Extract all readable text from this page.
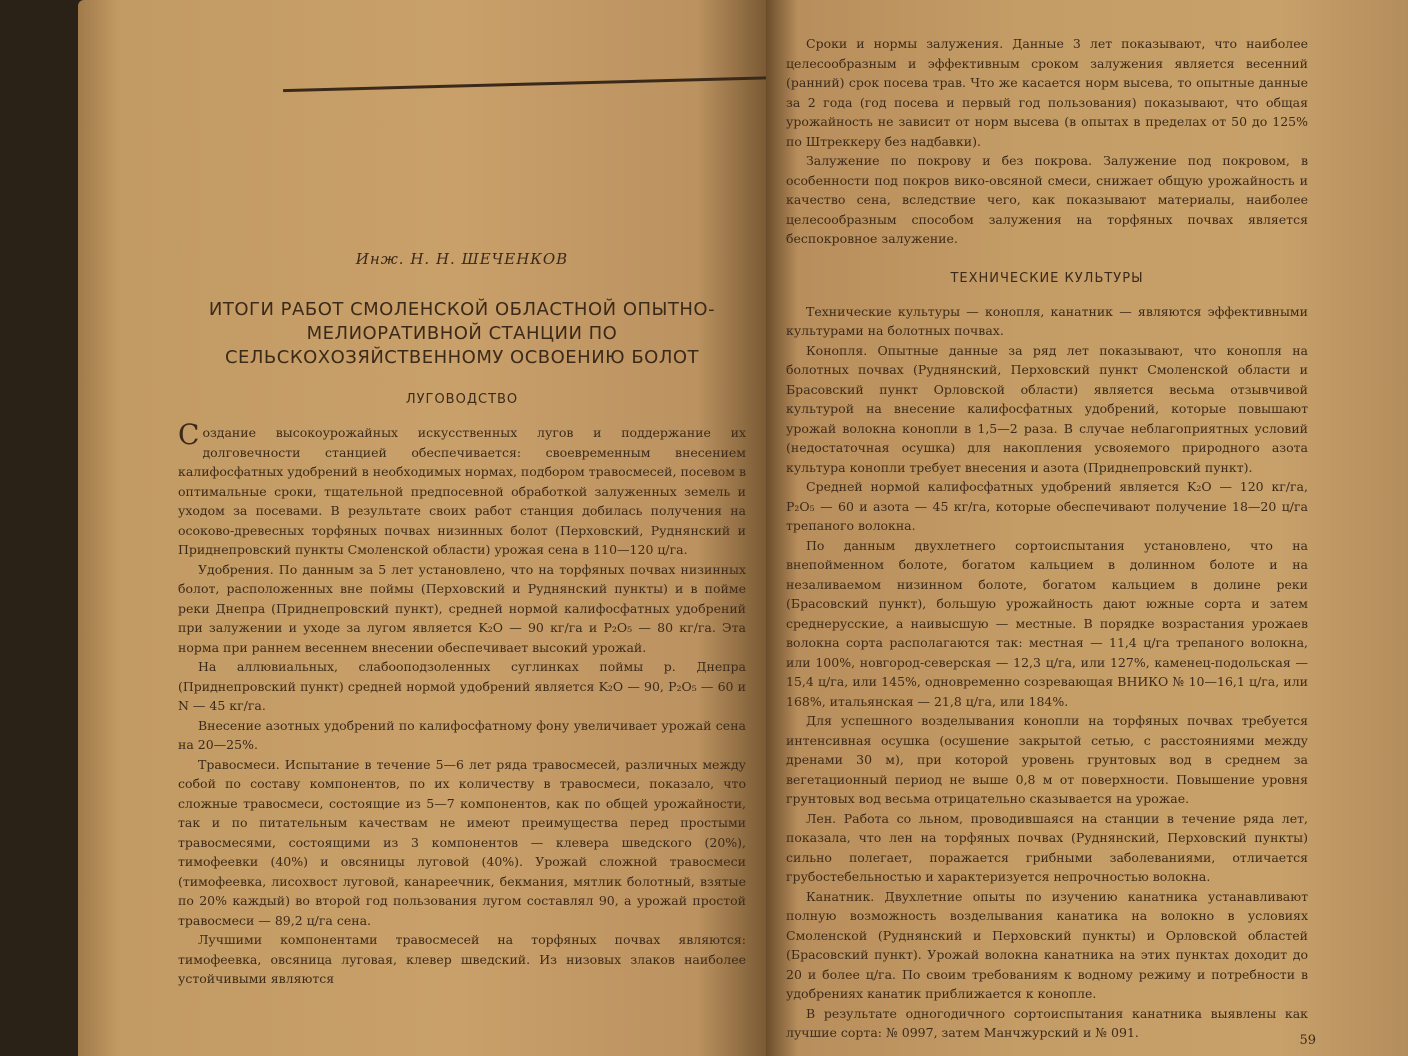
Инж. Н. Н. ШЕЧЕНКОВ
ИТОГИ РАБОТ СМОЛЕНСКОЙ ОБЛАСТНОЙ ОПЫТНО-МЕЛИОРАТИВНОЙ СТАНЦИИ ПО СЕЛЬСКОХОЗЯЙСТВЕННОМУ ОСВОЕНИЮ БОЛОТ
ЛУГОВОДСТВО

Создание высокоурожайных искусственных лугов и поддержание их долговечности станцией обеспечивается: своевременным внесением калифосфатных удобрений в необходимых нормах, подбором травосмесей, посевом в оптимальные сроки, тщательной предпосевной обработкой залуженных земель и уходом за посевами. В результате своих работ станция добилась получения на осоково-древесных торфяных почвах низинных болот (Перховский, Руднянский и Приднепровский пункты Смоленской области) урожая сена в 110—120 ц/га.

Удобрения. По данным за 5 лет установлено, что на торфяных почвах низинных болот, расположенных вне поймы (Перховский и Руднянский пункты) и в пойме реки Днепра (Приднепровский пункт), средней нормой калифосфатных удобрений при залужении и уходе за лугом является K₂O — 90 кг/га и P₂O₅ — 80 кг/га. Эта норма при раннем весеннем внесении обеспечивает высокий урожай.

На аллювиальных, слабооподзоленных суглинках поймы р. Днепра (Приднепровский пункт) средней нормой удобрений является K₂O — 90, P₂O₅ — 60 и N — 45 кг/га.

Внесение азотных удобрений по калифосфатному фону увеличивает урожай сена на 20—25%.

Травосмеси. Испытание в течение 5—6 лет ряда травосмесей, различных между собой по составу компонентов, по их количеству в травосмеси, показало, что сложные травосмеси, состоящие из 5—7 компонентов, как по общей урожайности, так и по питательным качествам не имеют преимущества перед простыми травосмесями, состоящими из 3 компонентов — клевера шведского (20%), тимофеевки (40%) и овсяницы луговой (40%). Урожай сложной травосмеси (тимофеевка, лисохвост луговой, канареечник, бекмания, мятлик болотный, взятые по 20% каждый) во второй год пользования лугом составлял 90, а урожай простой травосмеси — 89,2 ц/га сена.

Лучшими компонентами травосмесей на торфяных почвах являются: тимофеевка, овсяница луговая, клевер шведский. Из низовых злаков наиболее устойчивыми являются

Сроки и нормы залужения. Данные 3 лет показывают, что наиболее целесообразным и эффективным сроком залужения является весенний (ранний) срок посева трав. Что же касается норм высева, то опытные данные за 2 года (год посева и первый год пользования) показывают, что общая урожайность не зависит от норм высева (в опытах в пределах от 50 до 125% по Штреккеру без надбавки).

Залужение по покрову и без покрова. Залужение под покровом, в особенности под покров вико-овсяной смеси, снижает общую урожайность и качество сена, вследствие чего, как показывают материалы, наиболее целесообразным способом залужения на торфяных почвах является беспокровное залужение.

ТЕХНИЧЕСКИЕ КУЛЬТУРЫ

Технические культуры — конопля, канатник — являются эффективными культурами на болотных почвах.

Конопля. Опытные данные за ряд лет показывают, что конопля на болотных почвах (Руднянский, Перховский пункт Смоленской области и Брасовский пункт Орловской области) является весьма отзывчивой культурой на внесение калифосфатных удобрений, которые повышают урожай волокна конопли в 1,5—2 раза. В случае неблагоприятных условий (недостаточная осушка) для накопления усвояемого природного азота культура конопли требует внесения и азота (Приднепровский пункт).

Средней нормой калифосфатных удобрений является K₂O — 120 кг/га, P₂O₅ — 60 и азота — 45 кг/га, которые обеспечивают получение 18—20 ц/га трепаного волокна.

По данным двухлетнего сортоиспытания установлено, что на внепойменном болоте, богатом кальцием в долинном болоте и на незаливаемом низинном болоте, богатом кальцием в долине реки (Брасовский пункт), большую урожайность дают южные сорта и затем среднерусские, а наивысшую — местные. В порядке возрастания урожаев волокна сорта располагаются так: местная — 11,4 ц/га трепаного волокна, или 100%, новгород-северская — 12,3 ц/га, или 127%, каменец-подольская — 15,4 ц/га, или 145%, одновременно созревающая ВНИКО № 10—16,1 ц/га, или 168%, итальянская — 21,8 ц/га, или 184%.

Для успешного возделывания конопли на торфяных почвах требуется интенсивная осушка (осушение закрытой сетью, с расстояниями между дренами 30 м), при которой уровень грунтовых вод в среднем за вегетационный период не выше 0,8 м от поверхности. Повышение уровня грунтовых вод весьма отрицательно сказывается на урожае.

Лен. Работа со льном, проводившаяся на станции в течение ряда лет, показала, что лен на торфяных почвах (Руднянский, Перховский пункты) сильно полегает, поражается грибными заболеваниями, отличается грубостебельностью и характеризуется непрочностью волокна.

Канатник. Двухлетние опыты по изучению канатника устанавливают полную возможность возделывания канатика на волокно в условиях Смоленской (Руднянский и Перховский пункты) и Орловской областей (Брасовский пункт). Урожай волокна канатника на этих пунктах доходит до 20 и более ц/га. По своим требованиям к водному режиму и потребности в удобрениях канатик приближается к конопле.

В результате одногодичного сортоиспытания канатника выявлены как лучшие сорта: № 0997, затем Манчжурский и № 091.

59
